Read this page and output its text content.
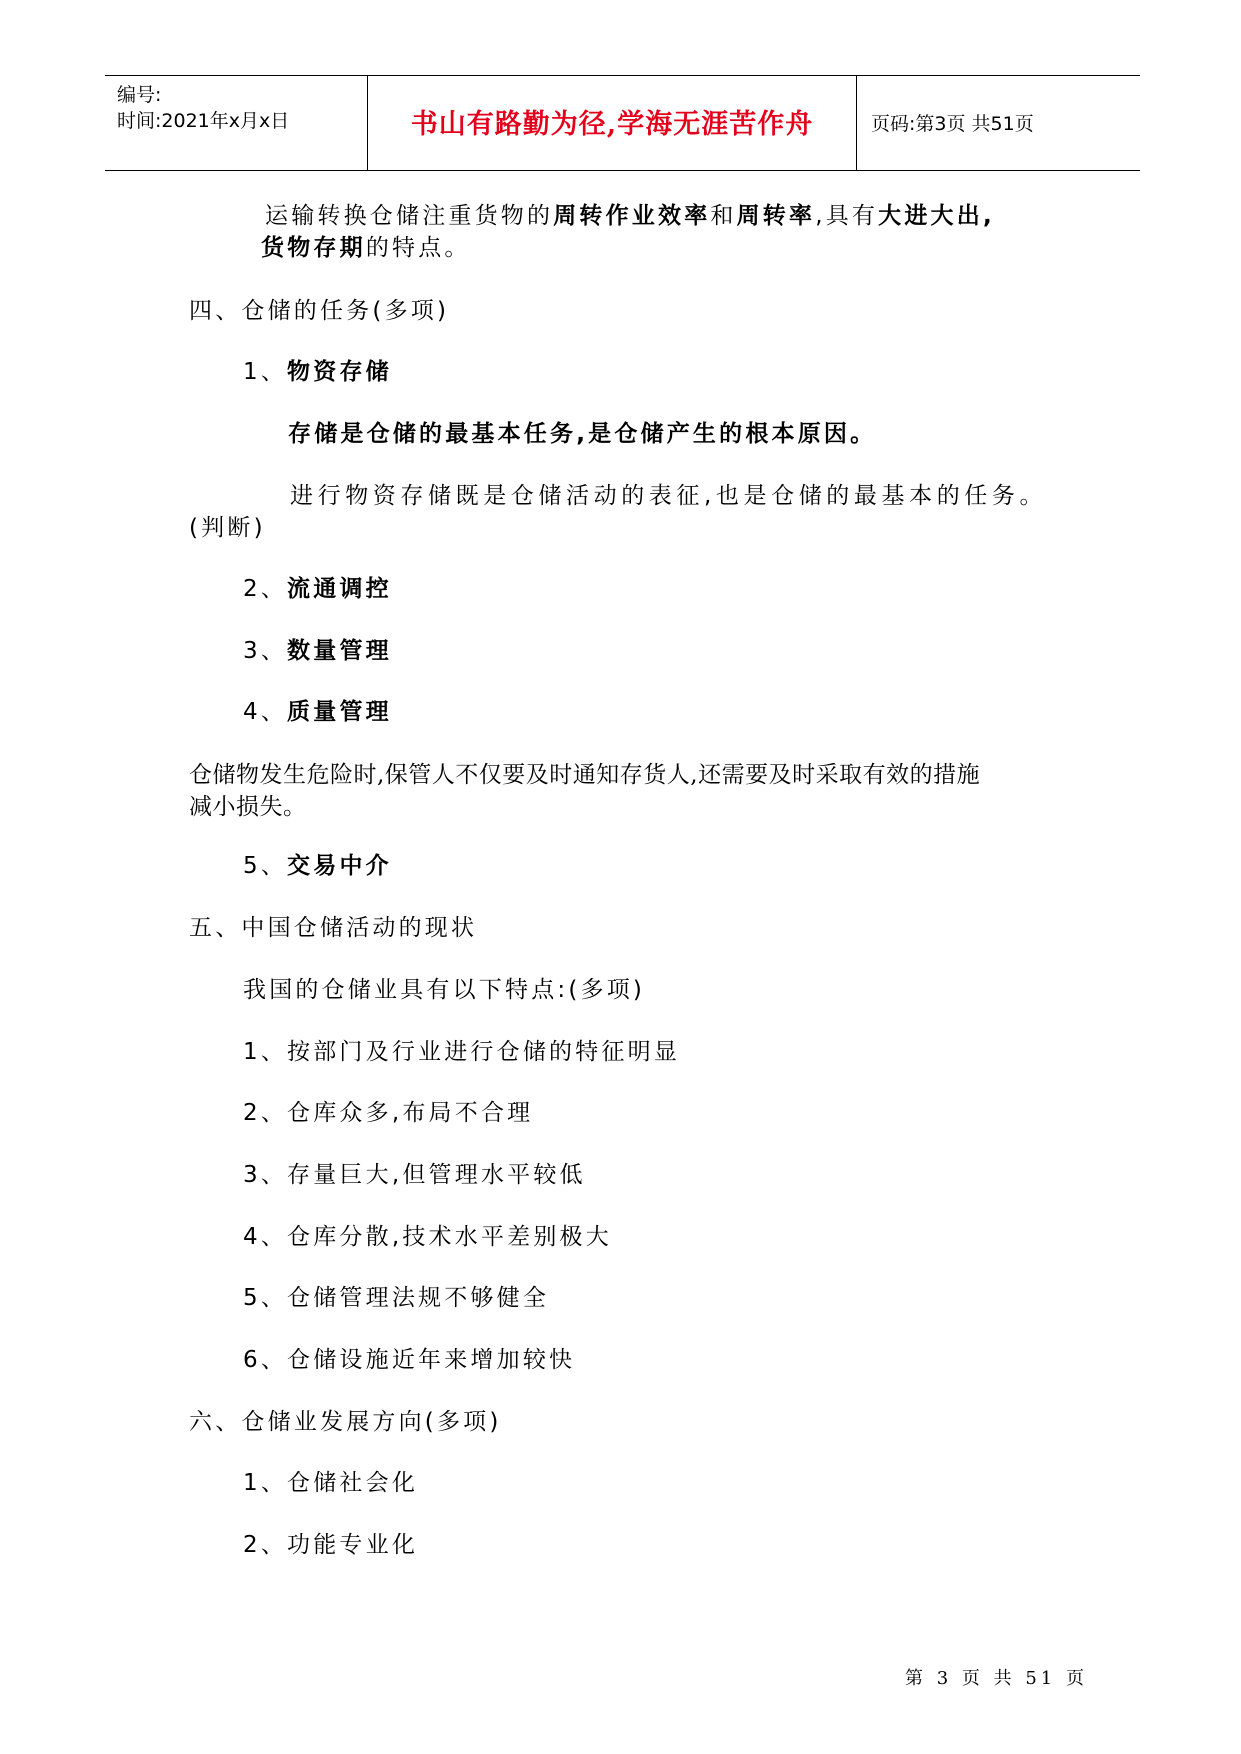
编号:
时间:2021年x月x日	书山有路勤为径,学海无涯苦作舟	页码:第3页 共51页
运输转换仓储注重货物的周转作业效率和周转率,具有大进大出,
货物存期的特点。
四、仓储的任务(多项)
1、物资存储
存储是仓储的最基本任务,是仓储产生的根本原因。
进行物资存储既是仓储活动的表征,也是仓储的最基本的任务。
(判断)
2、流通调控
3、数量管理
4、质量管理
仓储物发生危险时,保管人不仅要及时通知存货人,还需要及时采取有效的措施
减小损失。
5、交易中介
五、中国仓储活动的现状
我国的仓储业具有以下特点:(多项)
1、按部门及行业进行仓储的特征明显
2、仓库众多,布局不合理
3、存量巨大,但管理水平较低
4、仓库分散,技术水平差别极大
5、仓储管理法规不够健全
6、仓储设施近年来增加较快
六、仓储业发展方向(多项)
1、仓储社会化
2、功能专业化
第 3 页 共 51 页
